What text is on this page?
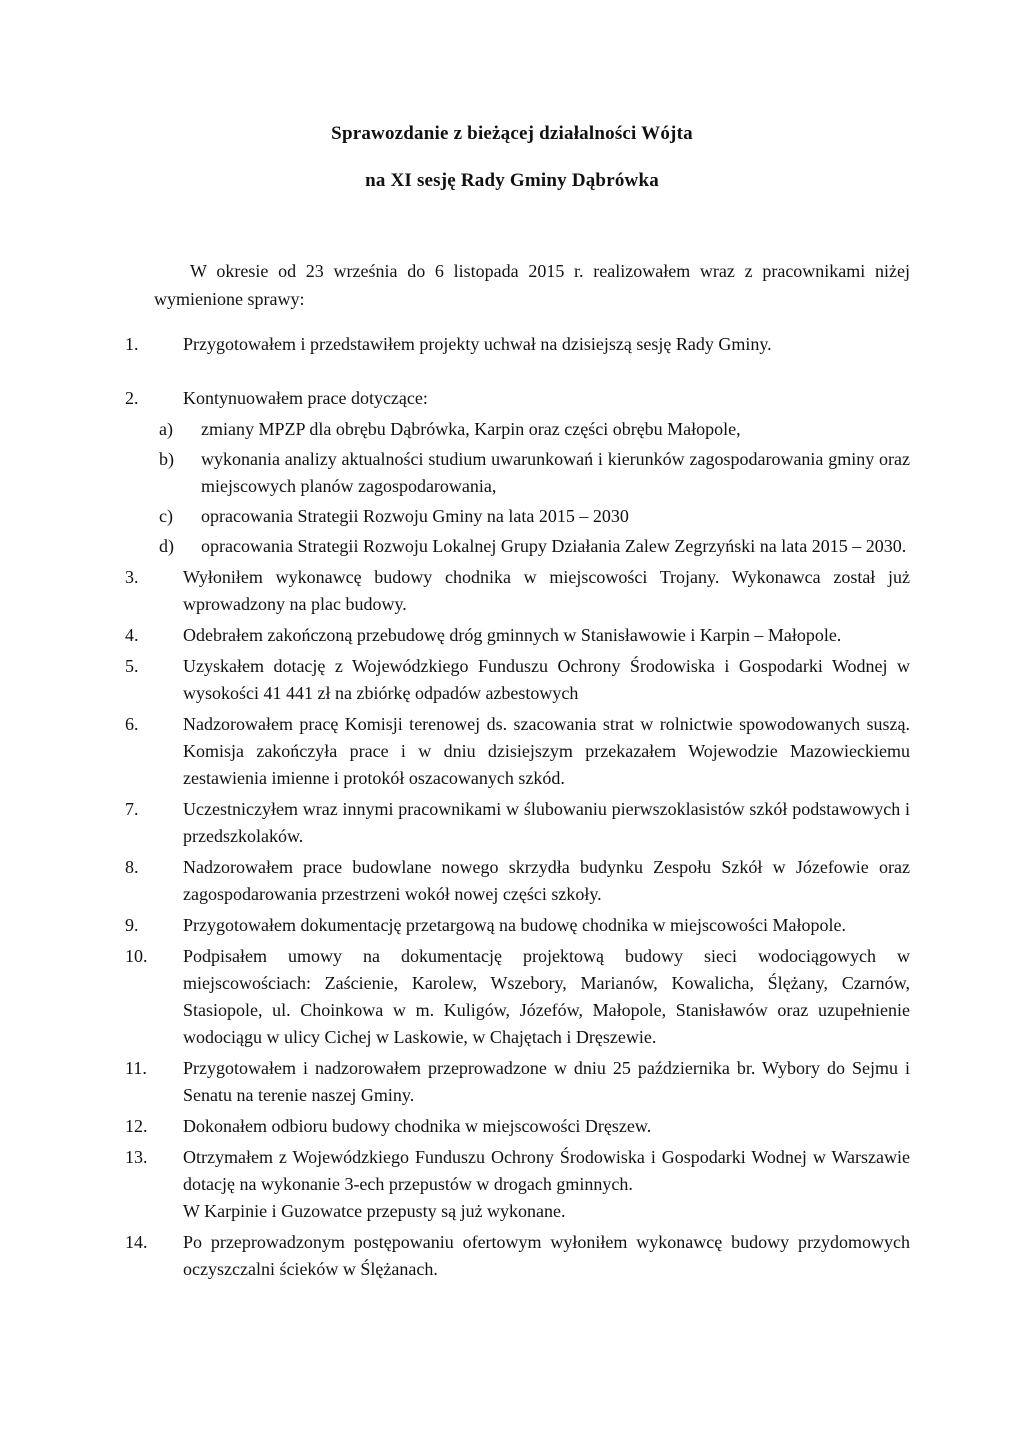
Sprawozdanie z bieżącej działalności Wójta
na XI sesję Rady Gminy Dąbrówka
W okresie od 23 września do 6 listopada 2015 r. realizowałem wraz z pracownikami niżej wymienione sprawy:
1. Przygotowałem i przedstawiłem projekty uchwał na dzisiejszą sesję Rady Gminy.
2. Kontynuowałem prace dotyczące:
a) zmiany MPZP dla obrębu Dąbrówka, Karpin oraz części obrębu Małopole,
b) wykonania analizy aktualności studium uwarunkowań i kierunków zagospodarowania gminy oraz miejscowych planów zagospodarowania,
c) opracowania Strategii Rozwoju Gminy na lata 2015 – 2030
d) opracowania Strategii Rozwoju Lokalnej Grupy Działania Zalew Zegrzyński na lata 2015 – 2030.
3. Wyłoniłem wykonawcę budowy chodnika w miejscowości Trojany. Wykonawca został już wprowadzony na plac budowy.
4. Odebrałem zakończoną przebudowę dróg gminnych w Stanisławowie i Karpin – Małopole.
5. Uzyskałem dotację z Wojewódzkiego Funduszu Ochrony Środowiska i Gospodarki Wodnej w wysokości 41 441 zł na zbiórkę odpadów azbestowych
6. Nadzorowałem pracę Komisji terenowej ds. szacowania strat w rolnictwie spowodowanych suszą. Komisja zakończyła prace i w dniu dzisiejszym przekazałem Wojewodzie Mazowieckiemu zestawienia imienne i protokół oszacowanych szkód.
7. Uczestniczyłem wraz innymi pracownikami w ślubowaniu pierwszoklasistów szkół podstawowych i przedszkolaków.
8. Nadzorowałem prace budowlane nowego skrzydła budynku Zespołu Szkół w Józefowie oraz zagospodarowania przestrzeni wokół nowej części szkoły.
9. Przygotowałem dokumentację przetargową na budowę chodnika w miejscowości Małopole.
10. Podpisałem umowy na dokumentację projektową budowy sieci wodociągowych w miejscowościach: Zaścienie, Karolew, Wszebory, Marianów, Kowalicha, Ślężany, Czarnów, Stasiopole, ul. Choinkowa w m. Kuligów, Józefów, Małopole, Stanisławów oraz uzupełnienie wodociągu w ulicy Cichej w Laskowie, w Chajętach i Dręszewie.
11. Przygotowałem i nadzorowałem przeprowadzone w dniu 25 października br. Wybory do Sejmu i Senatu na terenie naszej Gminy.
12. Dokonałem odbioru budowy chodnika w miejscowości Dręszew.
13. Otrzymałem z Wojewódzkiego Funduszu Ochrony Środowiska i Gospodarki Wodnej w Warszawie dotację na wykonanie 3-ech przepustów w drogach gminnych.
W Karpinie i Guzowatce przepusty są już wykonane.
14. Po przeprowadzonym postępowaniu ofertowym wyłoniłem wykonawcę budowy przydomowych oczyszczalni ścieków w Ślężanach.
